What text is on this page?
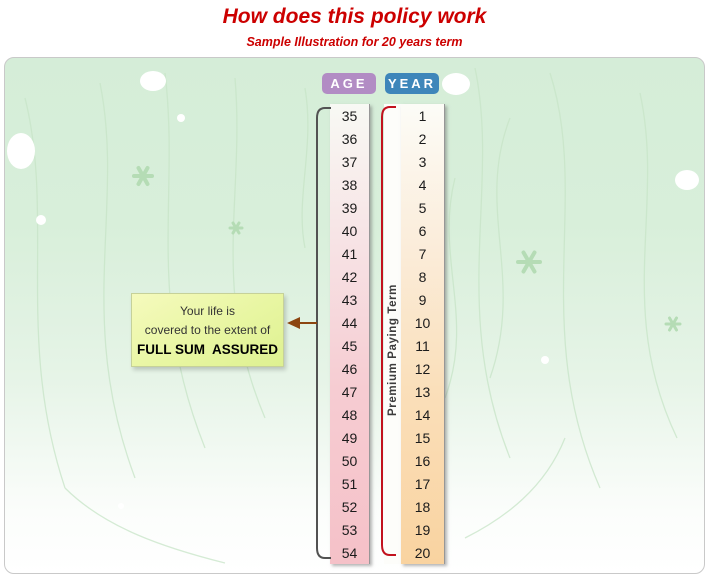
How does this policy work
Sample Illustration for 20 years term
Premium Paying Term
35
36
37
38
39
40
41
42
43
44
45
46
47
48
49
50
51
52
53
54
1
2
3
4
5
6
7
8
9
10
11
12
13
14
15
16
17
18
19
20
AGE	YEAR
Your life is
covered to the extent of
FULL SUM  ASSURED
